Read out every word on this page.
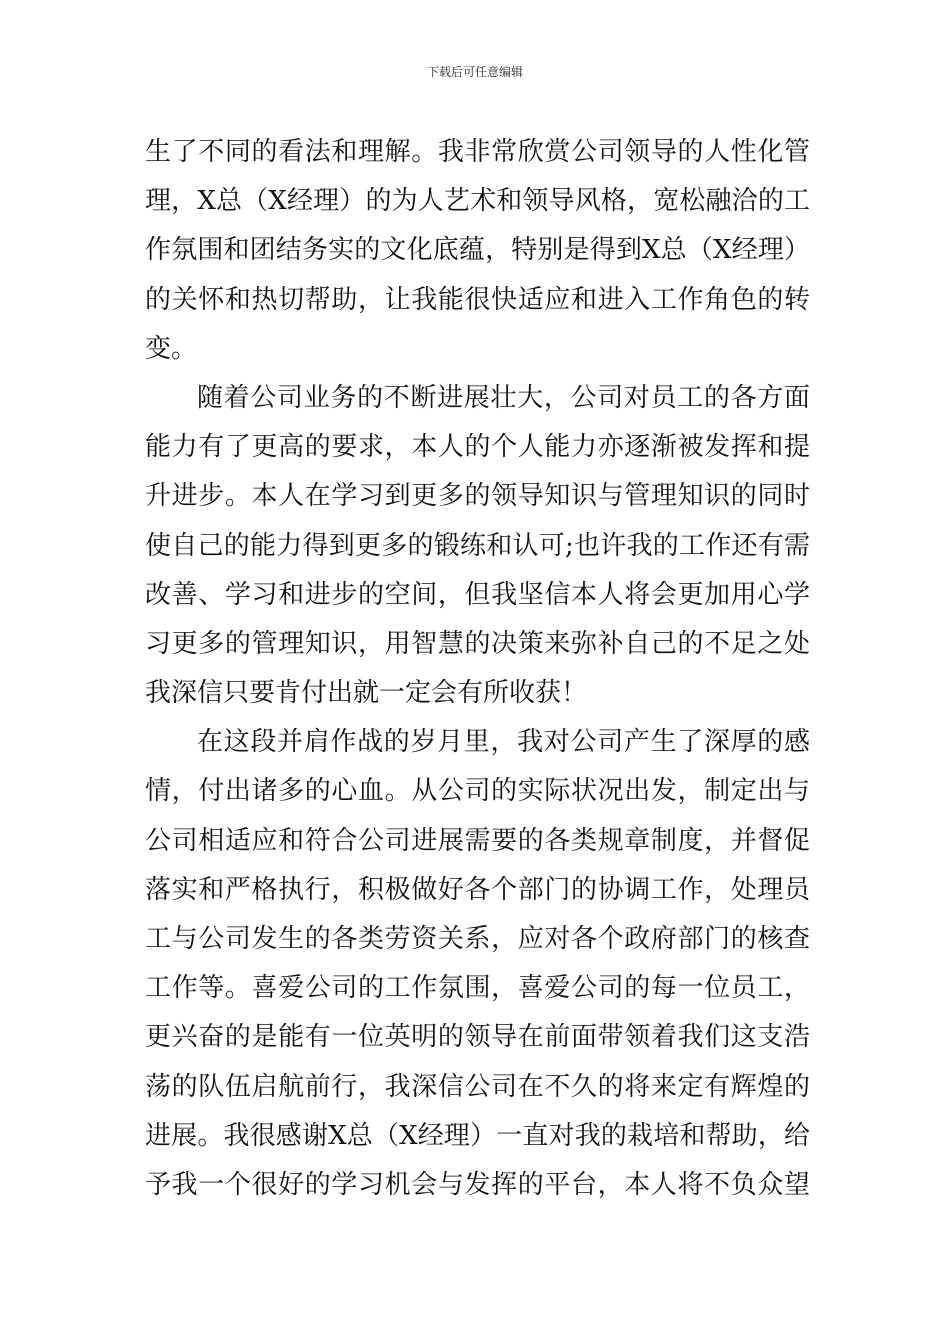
下载后可任意编辑
生了不同的看法和理解。我非常欣赏公司领导的人性化管
理，X总（X经理）的为人艺术和领导风格，宽松融洽的工
作氛围和团结务实的文化底蕴，特别是得到X总（X经理）
的关怀和热切帮助，让我能很快适应和进入工作角色的转
变。
随着公司业务的不断进展壮大，公司对员工的各方面
能力有了更高的要求，本人的个人能力亦逐渐被发挥和提
升进步。本人在学习到更多的领导知识与管理知识的同时
使自己的能力得到更多的锻练和认可;也许我的工作还有需
改善、学习和进步的空间，但我坚信本人将会更加用心学
习更多的管理知识，用智慧的决策来弥补自己的不足之处
我深信只要肯付出就一定会有所收获！
在这段并肩作战的岁月里，我对公司产生了深厚的感
情，付出诸多的心血。从公司的实际状况出发，制定出与
公司相适应和符合公司进展需要的各类规章制度，并督促
落实和严格执行，积极做好各个部门的协调工作，处理员
工与公司发生的各类劳资关系，应对各个政府部门的核查
工作等。喜爱公司的工作氛围，喜爱公司的每一位员工，
更兴奋的是能有一位英明的领导在前面带领着我们这支浩
荡的队伍启航前行，我深信公司在不久的将来定有辉煌的
进展。我很感谢X总（X经理）一直对我的栽培和帮助，给
予我一个很好的学习机会与发挥的平台，本人将不负众望
